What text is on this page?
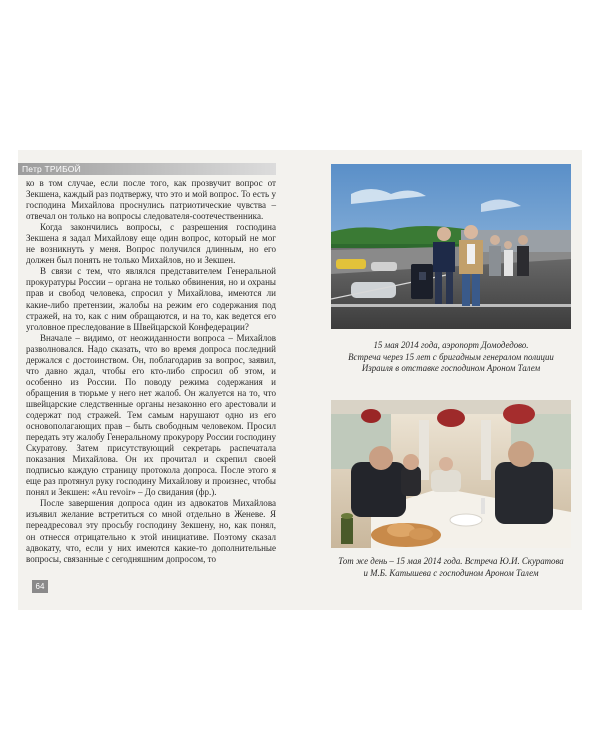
Петр ТРИБОЙ

ко в том случае, если после того, как прозвучит вопрос от Зекшена, каждый раз подтвержу, что это и мой вопрос. То есть у господина Михайлова проснулись патриотические чувства – отвечал он только на вопросы следователя-соотечественника.

Когда закончились вопросы, с разрешения господина Зекшена я задал Михайлову еще один вопрос, который не мог не возникнуть у меня. Вопрос получился длинным, но его должен был понять не только Михайлов, но и Зекшен.

В связи с тем, что являлся представителем Генеральной прокуратуры России – органа не только обвинения, но и охраны прав и свобод человека, спросил у Михайлова, имеются ли какие-либо претензии, жалобы на режим его содержания под стражей, на то, как с ним обращаются, и на то, как ведется его уголовное преследование в Швейцарской Конфедерации?

Вначале – видимо, от неожиданности вопроса – Михайлов разволновался. Надо сказать, что во время допроса последний держался с достоинством. Он, поблагодарив за вопрос, заявил, что давно ждал, чтобы его кто-либо спросил об этом, и особенно из России. По поводу режима содержания и обращения в тюрьме у него нет жалоб. Он жалуется на то, что швейцарские следственные органы незаконно его арестовали и содержат под стражей. Тем самым нарушают одно из его основополагающих прав – быть свободным человеком. Просил передать эту жалобу Генеральному прокурору России господину Скуратову. Затем присутствующий секретарь распечатала показания Михайлова. Он их прочитал и скрепил своей подписью каждую страницу протокола допроса. После этого я еще раз протянул руку господину Михайлову и произнес, чтобы понял и Зекшен: «Au revoir» – До свидания (фр.).

После завершения допроса один из адвокатов Михайлова изъявил желание встретиться со мной отдельно в Женеве. Я переадресовал эту просьбу господину Зекшену, но, как понял, он отнесся отрицательно к этой инициативе. Поэтому сказал адвокату, что, если у них имеются какие-то дополнительные вопросы, связанные с сегодняшним допросом, то

64
15 мая 2014 года, аэропорт Домодедово.
Встреча через 15 лет с бригадным генералом полиции
Израиля в отставке господином Ароном Талем
Тот же день – 15 мая 2014 года. Встреча Ю.И. Скуратова
и М.Б. Катышева с господином Ароном Талем
